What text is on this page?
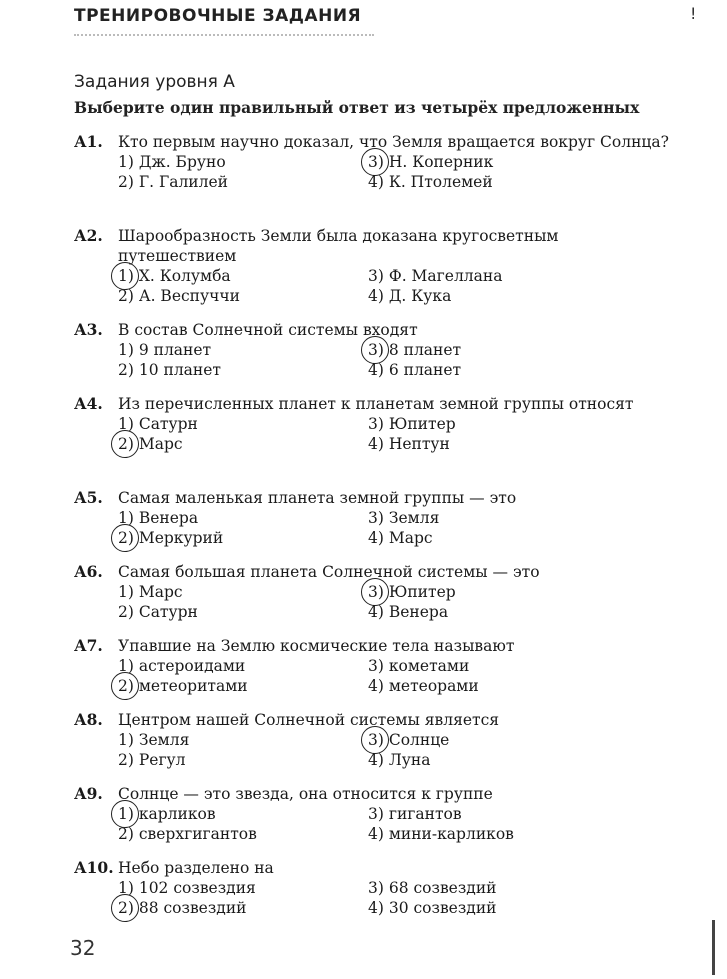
ТРЕНИРОВОЧНЫЕ ЗАДАНИЯ	!
Задания уровня А
Выберите один правильный ответ из четырёх предложенных
А1. Кто первым научно доказал, что Земля вращается вокруг Солнца?
1) Дж. Бруно	3) Н. Коперник
2) Г. Галилей	4) К. Птолемей
А2. Шарообразность Земли была доказана кругосветным путешествием
1) Х. Колумба	3) Ф. Магеллана
2) А. Веспуччи	4) Д. Кука
А3. В состав Солнечной системы входят
1) 9 планет	3) 8 планет
2) 10 планет	4) 6 планет
А4. Из перечисленных планет к планетам земной группы относят
1) Сатурн	3) Юпитер
2) Марс	4) Нептун
А5. Самая маленькая планета земной группы — это
1) Венера	3) Земля
2) Меркурий	4) Марс
А6. Самая большая планета Солнечной системы — это
1) Марс	3) Юпитер
2) Сатурн	4) Венера
А7. Упавшие на Землю космические тела называют
1) астероидами	3) кометами
2) метеоритами	4) метеорами
А8. Центром нашей Солнечной системы является
1) Земля	3) Солнце
2) Регул	4) Луна
А9. Солнце — это звезда, она относится к группе
1) карликов	3) гигантов
2) сверхгигантов	4) мини-карликов
А10. Небо разделено на
1) 102 созвездия	3) 68 созвездий
2) 88 созвездий	4) 30 созвездий
32
